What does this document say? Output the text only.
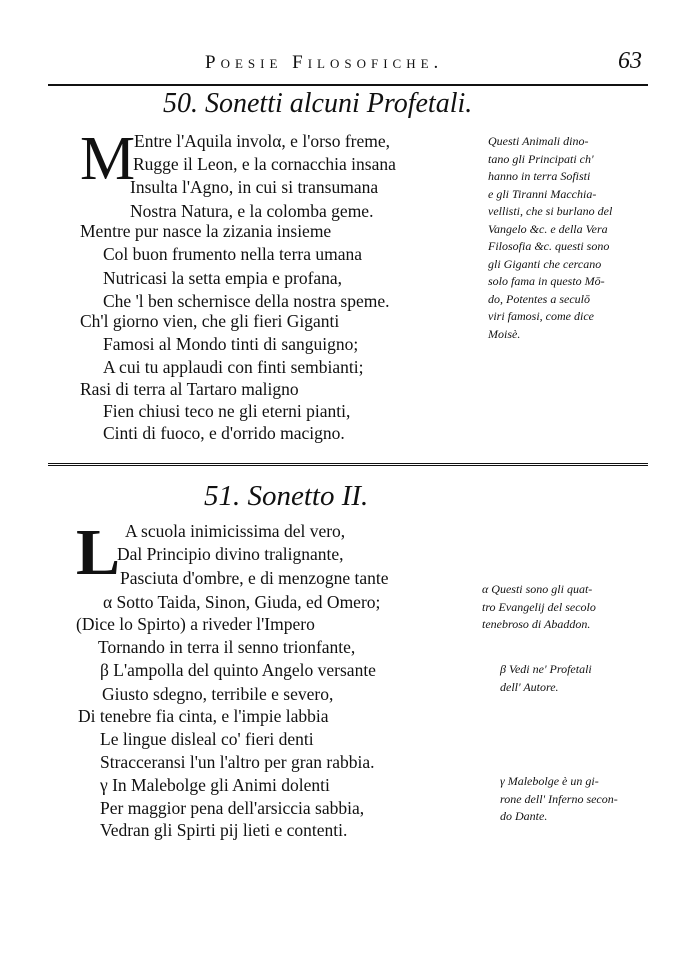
Poesie Filosofiche.	63
50. Sonetti alcuni Profetali.
M
Entre l'Aquila involα, e l'orso freme,
Rugge il Leon, e la cornacchia insana
Insulta l'Agno, in cui si transumana
Nostra Natura, e la colomba geme.
Mentre pur nasce la zizania insieme
Col buon frumento nella terra umana
Nutricasi la setta empia e profana,
Che 'l ben schernisce della nostra speme.
Ch'l giorno vien, che gli fieri Giganti
Famosi al Mondo tinti di sanguigno;
A cui tu applaudi con finti sembianti;
Rasi di terra al Tartaro maligno
Fien chiusi teco ne gli eterni pianti,
Cinti di fuoco, e d'orrido macigno.
Questi Animali dino-
tano gli Principati ch'
hanno in terra Sofisti
e gli Tiranni Macchia-
vellisti, che si burlano del
Vangelo &c. e della Vera
Filosofia &c. questi sono
gli Giganti che cercano
solo fama in questo Mō-
do, Potentes a seculō
viri famosi, come dice
Moisè.
51. Sonetto II.
L A scuola inimicissima del vero,
Dal Principio divino tralignante,
Pasciuta d'ombre, e di menzogne tante
α Sotto Taida, Sinon, Giuda, ed Omero;
(Dice lo Spirto) a riveder l'Impero
Tornando in terra il senno trionfante,
β L'ampolla del quinto Angelo versante
Giusto sdegno, terribile e severo,
Di tenebre fia cinta, e l'impie labbia
Le lingue disleal co' fieri denti
Stracceransi l'un l'altro per gran rabbia.
γ In Malebolge gli Animi dolenti
Per maggior pena dell'arsiccia sabbia,
Vedran gli Spirti pij lieti e contenti.
α Questi sono gli quat-
tro Evangelij del secolo
tenebroso di Abaddon.
β Vedi ne' Profetali
dell' Autore.
γ Malebolge è un gi-
rone dell' Inferno secon-
do Dante.
